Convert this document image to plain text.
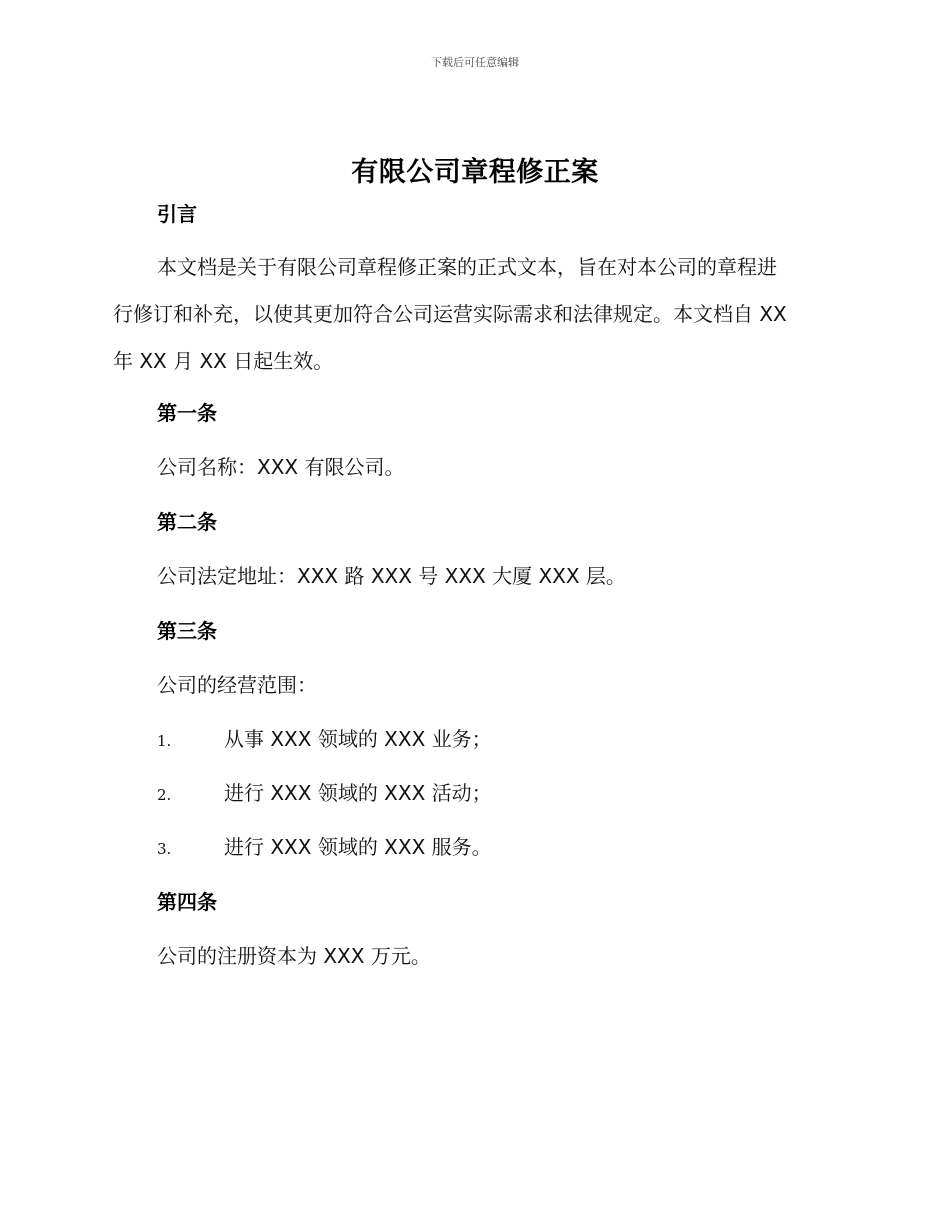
下载后可任意编辑
有限公司章程修正案
引言
本文档是关于有限公司章程修正案的正式文本，旨在对本公司的章程进
行修订和补充，以使其更加符合公司运营实际需求和法律规定。本文档自 XX
年 XX 月 XX 日起生效。
第一条
公司名称：XXX 有限公司。
第二条
公司法定地址：XXX 路 XXX 号 XXX 大厦 XXX 层。
第三条
公司的经营范围：
1.	从事 XXX 领域的 XXX 业务；
2.	进行 XXX 领域的 XXX 活动；
3.	进行 XXX 领域的 XXX 服务。
第四条
公司的注册资本为 XXX 万元。
